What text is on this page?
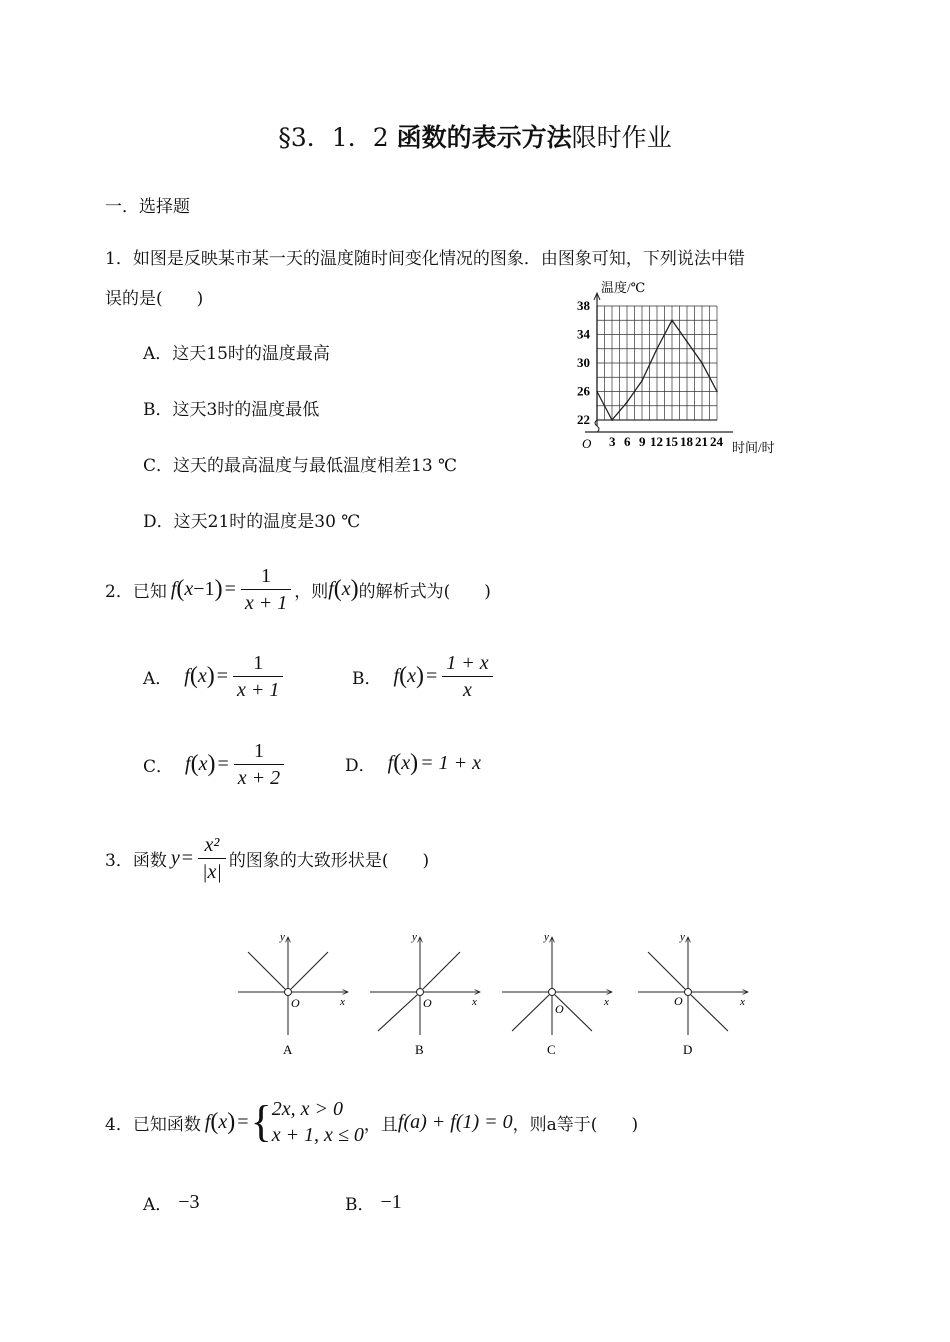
§3．1．2 函数的表示方法限时作业
一．选择题
1．如图是反映某市某一天的温度随时间变化情况的图象．由图象可知，下列说法中错
误的是(　　)
A．这天15时的温度最高
B．这天3时的温度最低
C．这天的最高温度与最低温度相差13 ℃
D．这天21时的温度是30 ℃
温度/℃
时间/时
O 3 6 9 12 15 18 21 24
22
26
30
34
38
2．已知 f ( x −1 ) = $\frac{1}{x + 1}$ ，则 f ( x ) 的解析式为(　　)
A． f ( x ) = $\frac{1}{x + 1}$	B． f ( x ) = $\frac{1 + x}{x}$
C． f ( x ) = $\frac{1}{x + 2}$	D． f ( x ) = 1 + x
3．函数 $y = \frac{\text{x²}}{|x|}$ 的图象的大致形状是(　　)
y
x
O
A
y
x
O
B
y
x
O
C
y
x
O
D
4．已知函数 f ( x ) = { 2x, x > 0
x + 1, x ≤ 0 ，且 f(a) + f(1) = 0 ，则a等于(　　)
A． −3	B． −1
